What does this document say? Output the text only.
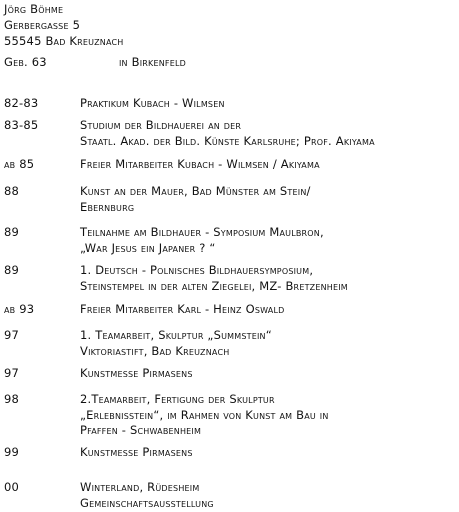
Jörg Böhme
Gerbergasse 5
55545 Bad Kreuznach
Geb. 63	in Birkenfeld
82-83	Praktikum Kubach - Wilmsen
83-85	Studium der Bildhauerei an der
Staatl. Akad. der Bild. Künste Karlsruhe; Prof. Akiyama
ab 85	Freier Mitarbeiter Kubach - Wilmsen / Akiyama
88	Kunst an der Mauer, Bad Münster am Stein/
Ebernburg
89	Teilnahme am Bildhauer - Symposium Maulbron,
„War Jesus ein Japaner ? “
89	1. Deutsch - Polnisches Bildhauersymposium,
Steinstempel in der alten Ziegelei, MZ- Bretzenheim
ab 93	Freier Mitarbeiter Karl - Heinz Oswald
97	1. Teamarbeit, Skulptur „Summstein“
Viktoriastift, Bad Kreuznach
97	Kunstmesse Pirmasens
98	2.Teamarbeit, Fertigung der Skulptur
„Erlebnisstein“, im Rahmen von Kunst am Bau in
Pfaffen - Schwabenheim
99	Kunstmesse Pirmasens
00	Winterland, Rüdesheim
Gemeinschaftsausstellung
